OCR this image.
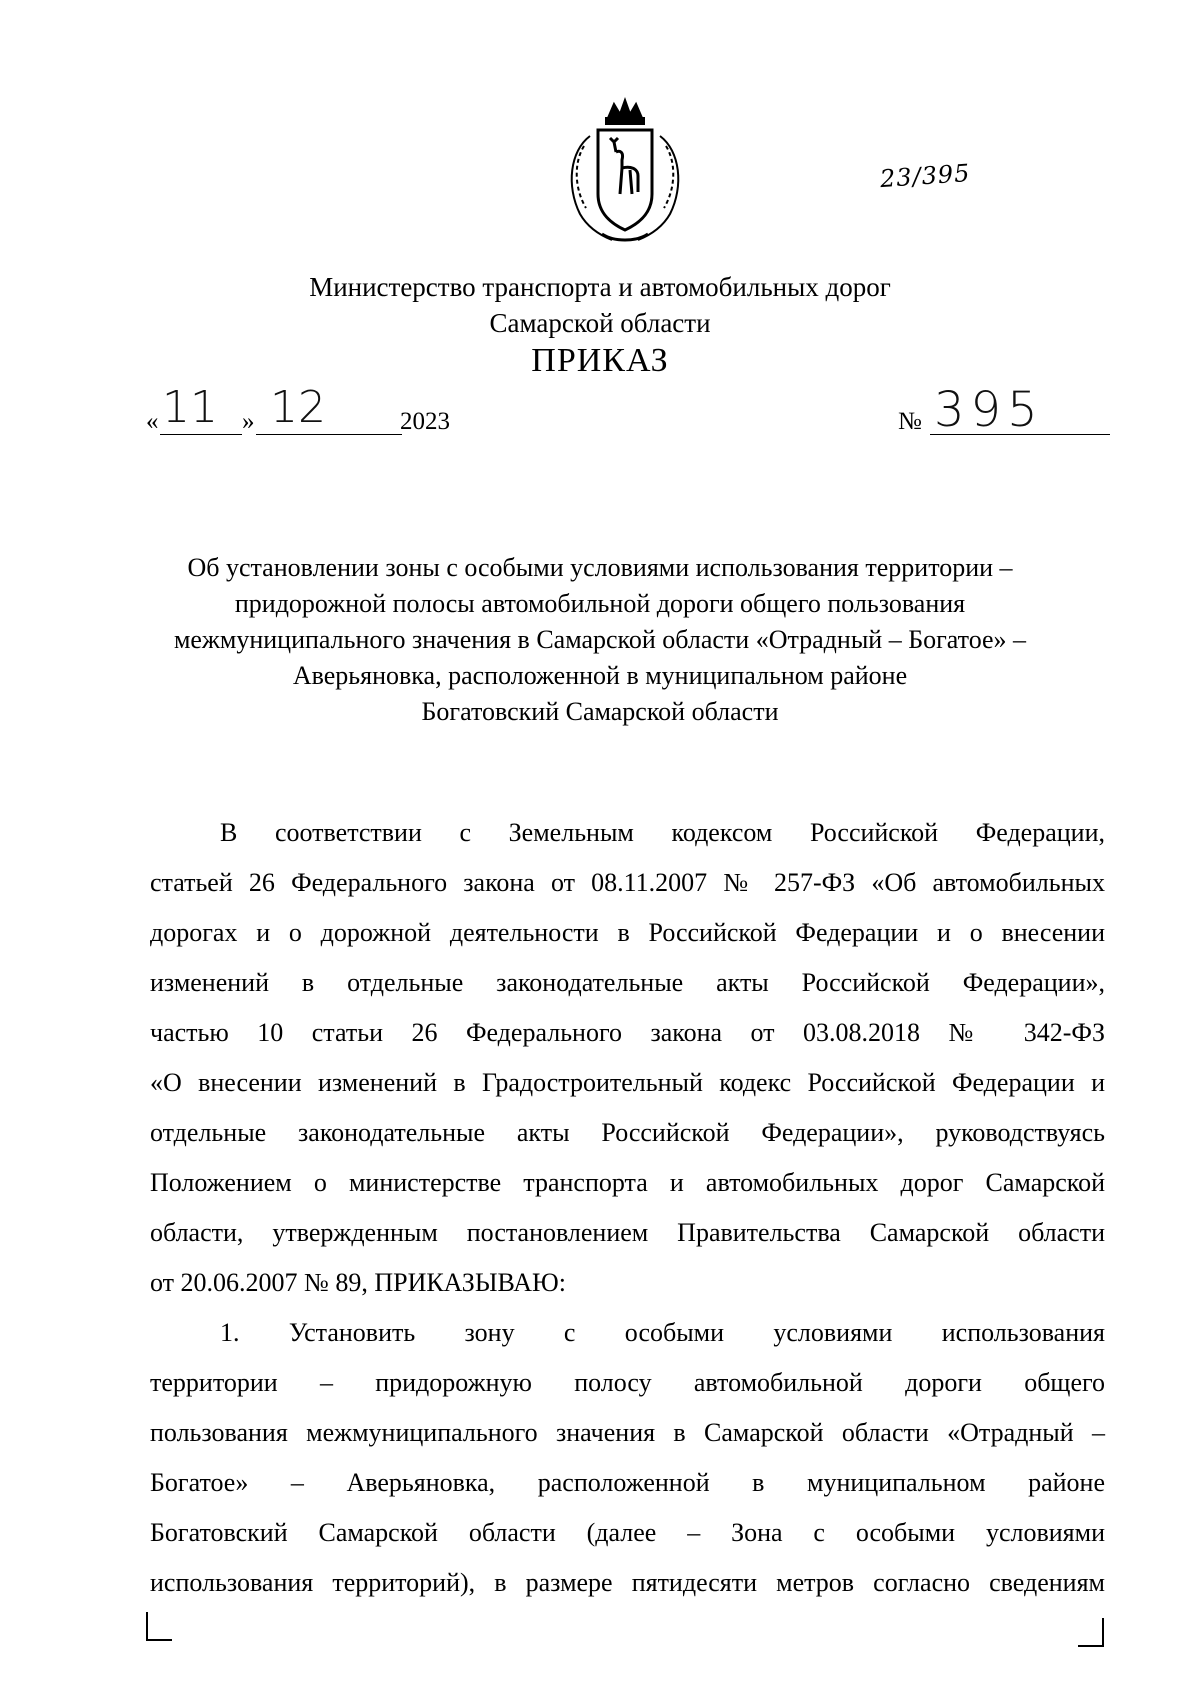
23/395
Министерство транспорта и автомобильных дорог
Самарской области
ПРИКАЗ
« 11 » 12	2023	№ 395
Об установлении зоны с особыми условиями использования территории –
придорожной полосы автомобильной дороги общего пользования
межмуниципального значения в Самарской области «Отрадный – Богатое» –
Аверьяновка, расположенной в муниципальном районе
Богатовский Самарской области
В соответствии с Земельным кодексом Российской Федерации,
статьей 26 Федерального закона от 08.11.2007 № 257-ФЗ «Об автомобильных
дорогах и о дорожной деятельности в Российской Федерации и о внесении
изменений в отдельные законодательные акты Российской Федерации»,
частью 10 статьи 26 Федерального закона от 03.08.2018 № 342-ФЗ
«О внесении изменений в Градостроительный кодекс Российской Федерации и
отдельные законодательные акты Российской Федерации», руководствуясь
Положением о министерстве транспорта и автомобильных дорог Самарской
области, утвержденным постановлением Правительства Самарской области
от 20.06.2007 № 89, ПРИКАЗЫВАЮ:
1. Установить зону с особыми условиями использования
территории – придорожную полосу автомобильной дороги общего
пользования межмуниципального значения в Самарской области «Отрадный –
Богатое» – Аверьяновка, расположенной в муниципальном районе
Богатовский Самарской области (далее – Зона с особыми условиями
использования территорий), в размере пятидесяти метров согласно сведениям
